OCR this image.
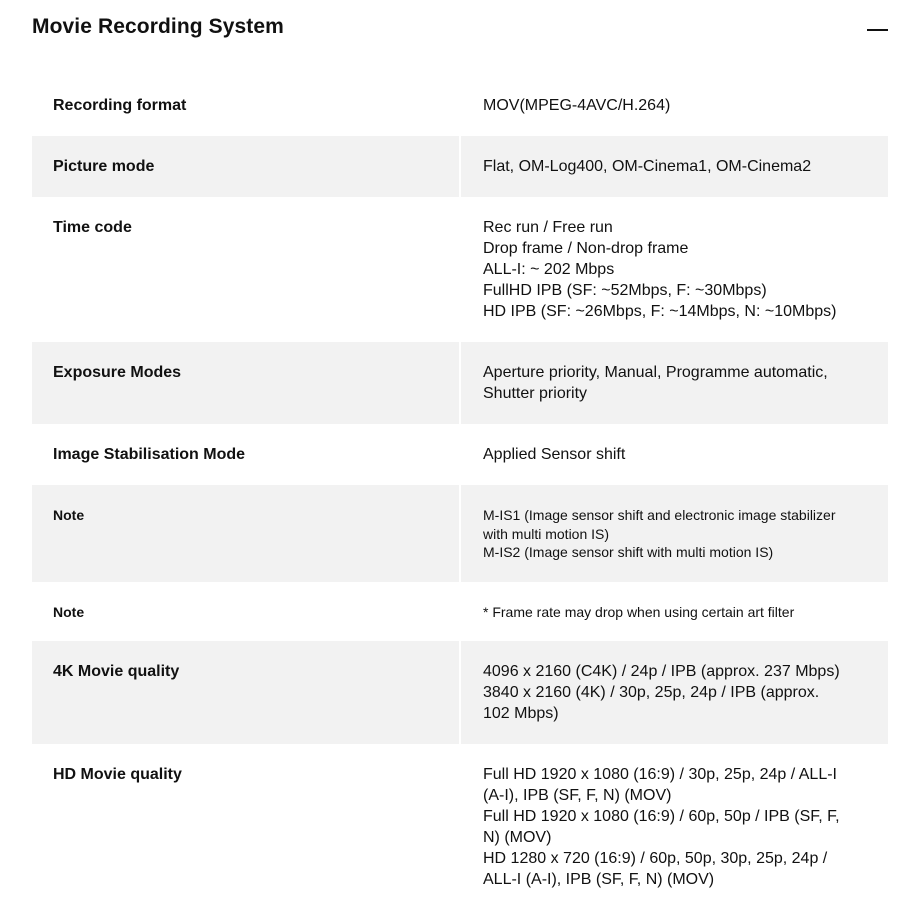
Movie Recording System
Recording format	MOV(MPEG-4AVC/H.264)
Picture mode	Flat, OM-Log400, OM-Cinema1, OM-Cinema2
Time code	Rec run / Free run
Drop frame / Non-drop frame
ALL-I: ~ 202 Mbps
FullHD IPB (SF: ~52Mbps, F: ~30Mbps)
HD IPB (SF: ~26Mbps, F: ~14Mbps, N: ~10Mbps)
Exposure Modes	Aperture priority, Manual, Programme automatic,
Shutter priority
Image Stabilisation Mode	Applied Sensor shift
Note	M-IS1 (Image sensor shift and electronic image stabilizer
with multi motion IS)
M-IS2 (Image sensor shift with multi motion IS)
Note	* Frame rate may drop when using certain art filter
4K Movie quality	4096 x 2160 (C4K) / 24p / IPB (approx. 237 Mbps)
3840 x 2160 (4K) / 30p, 25p, 24p / IPB (approx.
102 Mbps)
HD Movie quality	Full HD 1920 x 1080 (16:9) / 30p, 25p, 24p / ALL-I
(A-I), IPB (SF, F, N) (MOV)
Full HD 1920 x 1080 (16:9) / 60p, 50p / IPB (SF, F,
N) (MOV)
HD 1280 x 720 (16:9) / 60p, 50p, 30p, 25p, 24p /
ALL-I (A-I), IPB (SF, F, N) (MOV)
